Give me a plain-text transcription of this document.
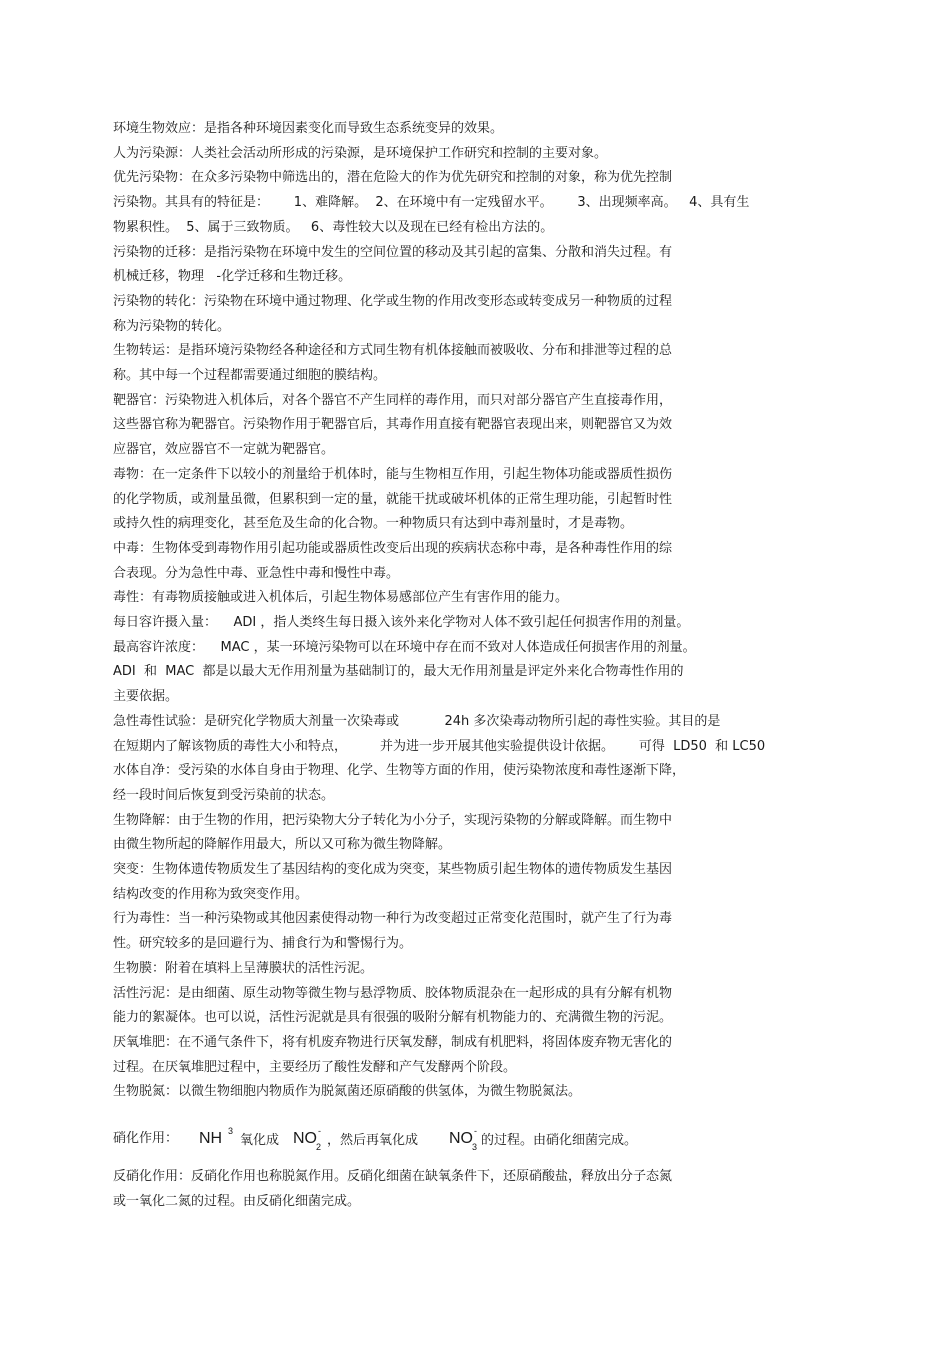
环境生物效应：是指各种环境因素变化而导致生态系统变异的效果。
人为污染源：人类社会活动所形成的污染源，是环境保护工作研究和控制的主要对象。
优先污染物：在众多污染物中筛选出的，潜在危险大的作为优先研究和控制的对象，称为优先控制
污染物。其具有的特征是：      1、难降解。  2、在环境中有一定残留水平。      3、出现频率高。   4、具有生
物累积性。  5、属于三致物质。   6、毒性较大以及现在已经有检出方法的。
污染物的迁移：是指污染物在环境中发生的空间位置的移动及其引起的富集、分散和消失过程。有
机械迁移，物理   -化学迁移和生物迁移。
污染物的转化：污染物在环境中通过物理、化学或生物的作用改变形态或转变成另一种物质的过程
称为污染物的转化。
生物转运：是指环境污染物经各种途径和方式同生物有机体接触而被吸收、分布和排泄等过程的总
称。其中每一个过程都需要通过细胞的膜结构。
靶器官：污染物进入机体后，对各个器官不产生同样的毒作用，而只对部分器官产生直接毒作用，
这些器官称为靶器官。污染物作用于靶器官后，其毒作用直接有靶器官表现出来，则靶器官又为效
应器官，效应器官不一定就为靶器官。
毒物：在一定条件下以较小的剂量给于机体时，能与生物相互作用，引起生物体功能或器质性损伤
的化学物质，或剂量虽微，但累积到一定的量，就能干扰或破坏机体的正常生理功能，引起暂时性
或持久性的病理变化，甚至危及生命的化合物。一种物质只有达到中毒剂量时，才是毒物。
中毒：生物体受到毒物作用引起功能或器质性改变后出现的疾病状态称中毒，是各种毒性作用的综
合表现。分为急性中毒、亚急性中毒和慢性中毒。
毒性：有毒物质接触或进入机体后，引起生物体易感部位产生有害作用的能力。
每日容许摄入量：    ADI ，指人类终生每日摄入该外来化学物对人体不致引起任何损害作用的剂量。
最高容许浓度：    MAC ，某一环境污染物可以在环境中存在而不致对人体造成任何损害作用的剂量。
ADI  和  MAC  都是以最大无作用剂量为基础制订的，最大无作用剂量是评定外来化合物毒性作用的
主要依据。
急性毒性试验：是研究化学物质大剂量一次染毒或           24h 多次染毒动物所引起的毒性实验。其目的是
在短期内了解该物质的毒性大小和特点，        并为进一步开展其他实验提供设计依据。      可得  LD50  和 LC50
水体自净：受污染的水体自身由于物理、化学、生物等方面的作用，使污染物浓度和毒性逐渐下降，
经一段时间后恢复到受污染前的状态。
生物降解：由于生物的作用，把污染物大分子转化为小分子，实现污染物的分解或降解。而生物中
由微生物所起的降解作用最大，所以又可称为微生物降解。
突变：生物体遗传物质发生了基因结构的变化成为突变，某些物质引起生物体的遗传物质发生基因
结构改变的作用称为致突变作用。
行为毒性：当一种污染物或其他因素使得动物一种行为改变超过正常变化范围时，就产生了行为毒
性。研究较多的是回避行为、捕食行为和警惕行为。
生物膜：附着在填料上呈薄膜状的活性污泥。
活性污泥：是由细菌、原生动物等微生物与悬浮物质、胶体物质混杂在一起形成的具有分解有机物
能力的絮凝体。也可以说，活性污泥就是具有很强的吸附分解有机物能力的、充满微生物的污泥。
厌氧堆肥：在不通气条件下，将有机废弃物进行厌氧发酵，制成有机肥料，将固体废弃物无害化的
过程。在厌氧堆肥过程中，主要经历了酸性发酵和产气发酵两个阶段。
生物脱氮：以微生物细胞内物质作为脱氮菌还原硝酸的供氢体，为微生物脱氮法。
硝化作用： NH 3
氧化成 NO 2
-
，然后再氧化成 NO 3
-
的过程。由硝化细菌完成。
反硝化作用：反硝化作用也称脱氮作用。反硝化细菌在缺氧条件下，还原硝酸盐，释放出分子态氮
或一氧化二氮的过程。由反硝化细菌完成。
